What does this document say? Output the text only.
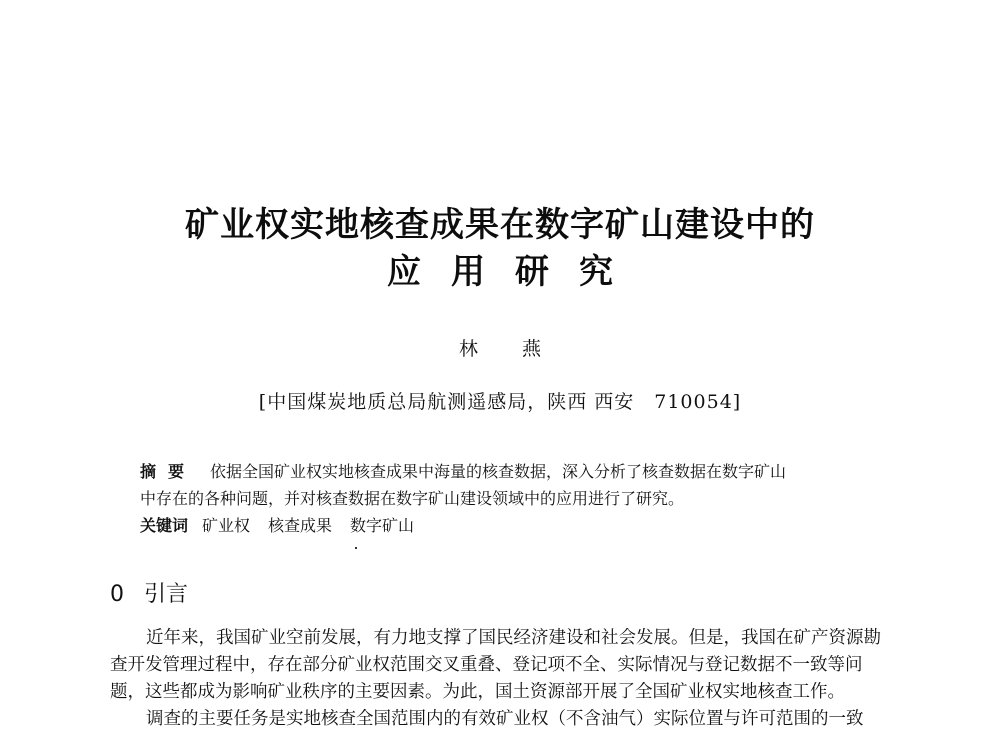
矿业权实地核查成果在数字矿山建设中的
应用研究
林燕
[中国煤炭地质总局航测遥感局，陕西 西安　710054]
摘要 依据全国矿业权实地核查成果中海量的核查数据，深入分析了核查数据在数字矿山
中存在的各种问题，并对核查数据在数字矿山建设领域中的应用进行了研究。
关键词 矿业权 核查成果 数字矿山
0 引言
近年来，我国矿业空前发展，有力地支撑了国民经济建设和社会发展。但是，我国在矿产资源勘
查开发管理过程中，存在部分矿业权范围交叉重叠、登记项不全、实际情况与登记数据不一致等问
题，这些都成为影响矿业秩序的主要因素。为此，国土资源部开展了全国矿业权实地核查工作。
调查的主要任务是实地核查全国范围内的有效矿业权（不含油气）实际位置与许可范围的一致
